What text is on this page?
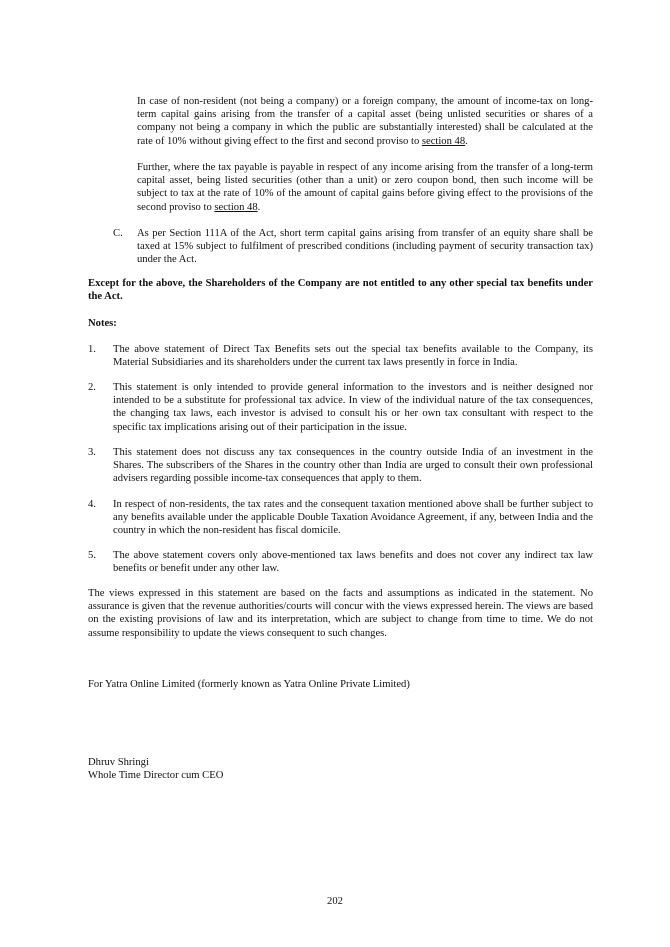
In case of non-resident (not being a company) or a foreign company, the amount of income-tax on long-term capital gains arising from the transfer of a capital asset (being unlisted securities or shares of a company not being a company in which the public are substantially interested) shall be calculated at the rate of 10% without giving effect to the first and second proviso to section 48.

Further, where the tax payable is payable in respect of any income arising from the transfer of a long-term capital asset, being listed securities (other than a unit) or zero coupon bond, then such income will be subject to tax at the rate of 10% of the amount of capital gains before giving effect to the provisions of the second proviso to section 48.

C. As per Section 111A of the Act, short term capital gains arising from transfer of an equity share shall be taxed at 15% subject to fulfilment of prescribed conditions (including payment of security transaction tax) under the Act.

Except for the above, the Shareholders of the Company are not entitled to any other special tax benefits under the Act.

Notes:

1. The above statement of Direct Tax Benefits sets out the special tax benefits available to the Company, its Material Subsidiaries and its shareholders under the current tax laws presently in force in India.

2. This statement is only intended to provide general information to the investors and is neither designed nor intended to be a substitute for professional tax advice. In view of the individual nature of the tax consequences, the changing tax laws, each investor is advised to consult his or her own tax consultant with respect to the specific tax implications arising out of their participation in the issue.

3. This statement does not discuss any tax consequences in the country outside India of an investment in the Shares. The subscribers of the Shares in the country other than India are urged to consult their own professional advisers regarding possible income-tax consequences that apply to them.

4. In respect of non-residents, the tax rates and the consequent taxation mentioned above shall be further subject to any benefits available under the applicable Double Taxation Avoidance Agreement, if any, between India and the country in which the non-resident has fiscal domicile.

5. The above statement covers only above-mentioned tax laws benefits and does not cover any indirect tax law benefits or benefit under any other law.

The views expressed in this statement are based on the facts and assumptions as indicated in the statement. No assurance is given that the revenue authorities/courts will concur with the views expressed herein. The views are based on the existing provisions of law and its interpretation, which are subject to change from time to time. We do not assume responsibility to update the views consequent to such changes.

For Yatra Online Limited (formerly known as Yatra Online Private Limited)

Dhruv Shringi

Whole Time Director cum CEO

202
